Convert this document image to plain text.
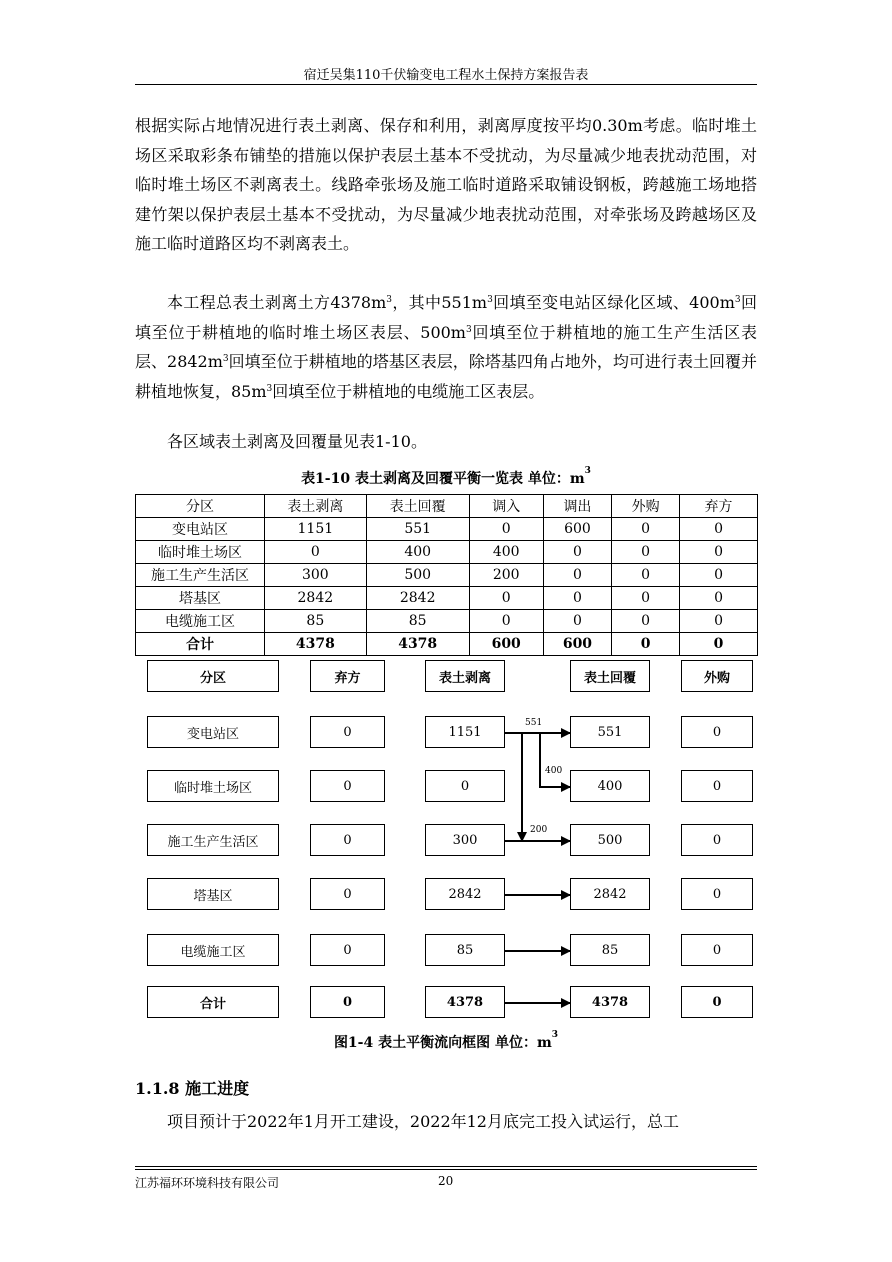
宿迁吴集110千伏输变电工程水土保持方案报告表
根据实际占地情况进行表土剥离、保存和利用，剥离厚度按平均0.30m考虑。临时堆土场区采取彩条布铺垫的措施以保护表层土基本不受扰动，为尽量减少地表扰动范围，对临时堆土场区不剥离表土。线路牵张场及施工临时道路采取铺设钢板，跨越施工场地搭建竹架以保护表层土基本不受扰动，为尽量减少地表扰动范围，对牵张场及跨越场区及施工临时道路区均不剥离表土。
本工程总表土剥离土方$4378m^3$，其中$551m^3$回填至变电站区绿化区域、$400m^3$回填至位于耕植地的临时堆土场区表层、$500m^3$回填至位于耕植地的施工生产生活区表层、$2842m^3$回填至位于耕植地的塔基区表层，除塔基四角占地外，均可进行表土回覆并耕植地恢复，$85m^3$回填至位于耕植地的电缆施工区表层。
各区域表土剥离及回覆量见表1-10。
表1-10 表土剥离及回覆平衡一览表 单位：$m^3$
分区	表土剥离	表土回覆	调入	调出	外购	弃方
变电站区	1151	551	0	600	0	0
临时堆土场区	0	400	400	0	0	0
施工生产生活区	300	500	200	0	0	0
塔基区	2842	2842	0	0	0	0
电缆施工区	85	85	0	0	0	0
合计	4378	4378	600	600	0	0
分区	弃方	表土剥离	表土回覆	外购
变电站区	0	1151	551	0
临时堆土场区	0	0	400	0
施工生产生活区	0	300	500	0
塔基区	0	2842	2842	0
电缆施工区	0	85	85	0
合计	0	4378	4378	0
551
400
200
图1-4 表土平衡流向框图 单位：$m^3$
1.1.8 施工进度
项目预计于2022年1月开工建设，2022年12月底完工投入试运行，总工
江苏福环环境科技有限公司	20
